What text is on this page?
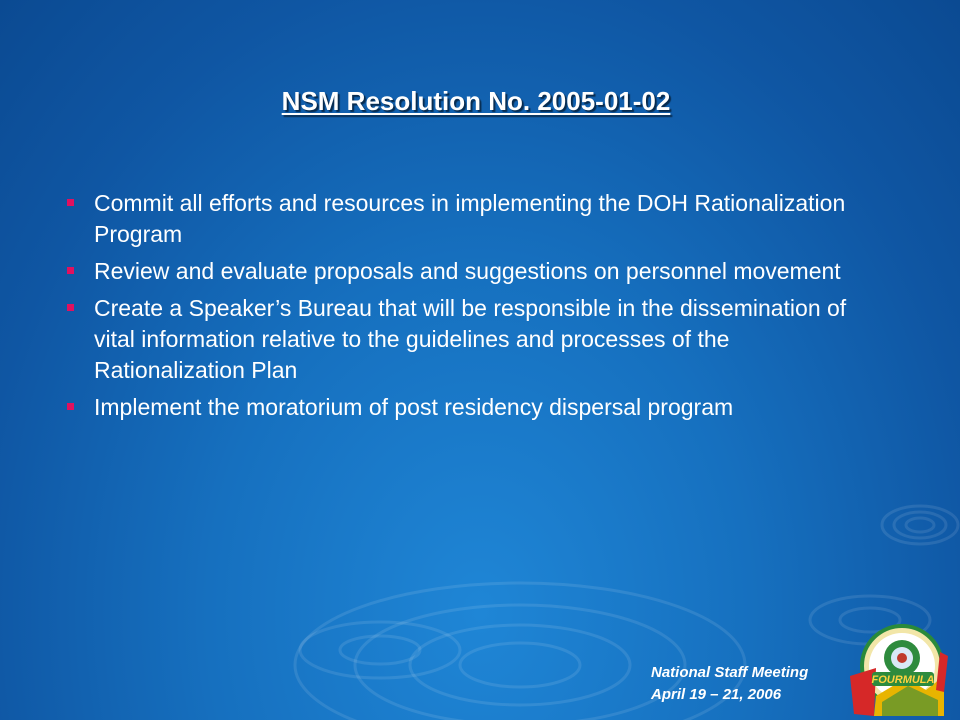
NSM Resolution No. 2005-01-02
Commit all efforts and resources in implementing the DOH Rationalization Program
Review and evaluate proposals and suggestions on personnel movement
Create a Speaker’s Bureau that will be responsible in the dissemination of vital information relative to the guidelines and processes of the Rationalization Plan
Implement the moratorium of post residency dispersal program
National Staff Meeting
April 19 – 21, 2006
FOURMULA
